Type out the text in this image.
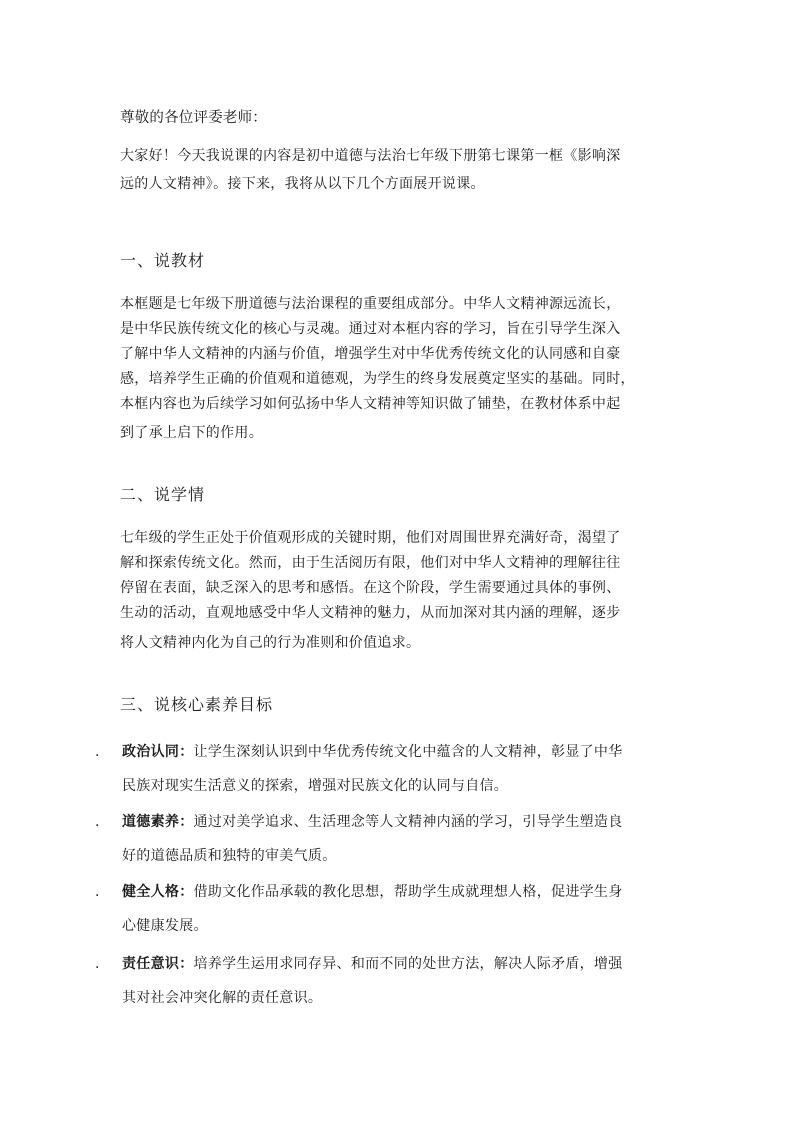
尊敬的各位评委老师：
大家好！今天我说课的内容是初中道德与法治七年级下册第七课第一框《影响深
远的人文精神》。接下来，我将从以下几个方面展开说课。
一、说教材
本框题是七年级下册道德与法治课程的重要组成部分。中华人文精神源远流长，
是中华民族传统文化的核心与灵魂。通过对本框内容的学习，旨在引导学生深入
了解中华人文精神的内涵与价值，增强学生对中华优秀传统文化的认同感和自豪
感，培养学生正确的价值观和道德观，为学生的终身发展奠定坚实的基础。同时，
本框内容也为后续学习如何弘扬中华人文精神等知识做了铺垫，在教材体系中起
到了承上启下的作用。
二、说学情
七年级的学生正处于价值观形成的关键时期，他们对周围世界充满好奇，渴望了
解和探索传统文化。然而，由于生活阅历有限，他们对中华人文精神的理解往往
停留在表面，缺乏深入的思考和感悟。在这个阶段，学生需要通过具体的事例、
生动的活动，直观地感受中华人文精神的魅力，从而加深对其内涵的理解，逐步
将人文精神内化为自己的行为准则和价值追求。
三、说核心素养目标
. 政治认同：让学生深刻认识到中华优秀传统文化中蕴含的人文精神，彰显了中华
民族对现实生活意义的探索，增强对民族文化的认同与自信。
. 道德素养：通过对美学追求、生活理念等人文精神内涵的学习，引导学生塑造良
好的道德品质和独特的审美气质。
. 健全人格：借助文化作品承载的教化思想，帮助学生成就理想人格，促进学生身
心健康发展。
. 责任意识：培养学生运用求同存异、和而不同的处世方法，解决人际矛盾，增强
其对社会冲突化解的责任意识。
